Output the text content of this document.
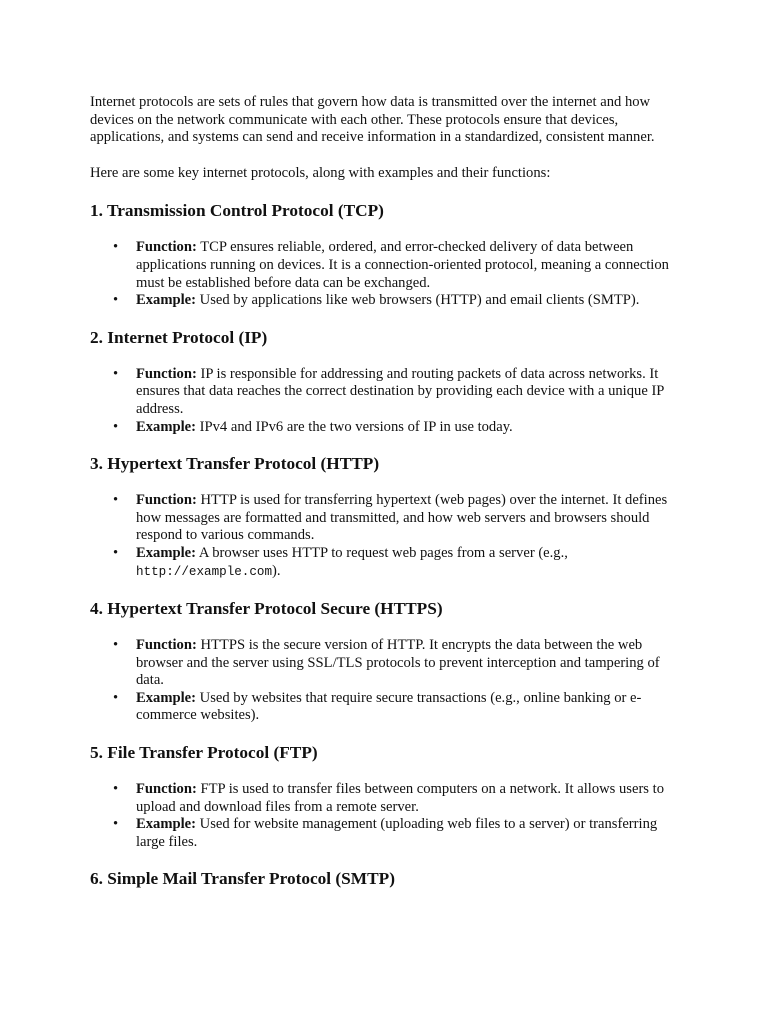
Internet protocols are sets of rules that govern how data is transmitted over the internet and how devices on the network communicate with each other. These protocols ensure that devices, applications, and systems can send and receive information in a standardized, consistent manner.

Here are some key internet protocols, along with examples and their functions:

1. Transmission Control Protocol (TCP)
• Function: TCP ensures reliable, ordered, and error-checked delivery of data between applications running on devices. It is a connection-oriented protocol, meaning a connection must be established before data can be exchanged.
• Example: Used by applications like web browsers (HTTP) and email clients (SMTP).
2. Internet Protocol (IP)
• Function: IP is responsible for addressing and routing packets of data across networks. It ensures that data reaches the correct destination by providing each device with a unique IP address.
• Example: IPv4 and IPv6 are the two versions of IP in use today.
3. Hypertext Transfer Protocol (HTTP)
• Function: HTTP is used for transferring hypertext (web pages) over the internet. It defines how messages are formatted and transmitted, and how web servers and browsers should respond to various commands.
• Example: A browser uses HTTP to request web pages from a server (e.g.,
http://example.com).
4. Hypertext Transfer Protocol Secure (HTTPS)
• Function: HTTPS is the secure version of HTTP. It encrypts the data between the web browser and the server using SSL/TLS protocols to prevent interception and tampering of data.
• Example: Used by websites that require secure transactions (e.g., online banking or e-commerce websites).
5. File Transfer Protocol (FTP)
• Function: FTP is used to transfer files between computers on a network. It allows users to upload and download files from a remote server.
• Example: Used for website management (uploading web files to a server) or transferring large files.
6. Simple Mail Transfer Protocol (SMTP)
